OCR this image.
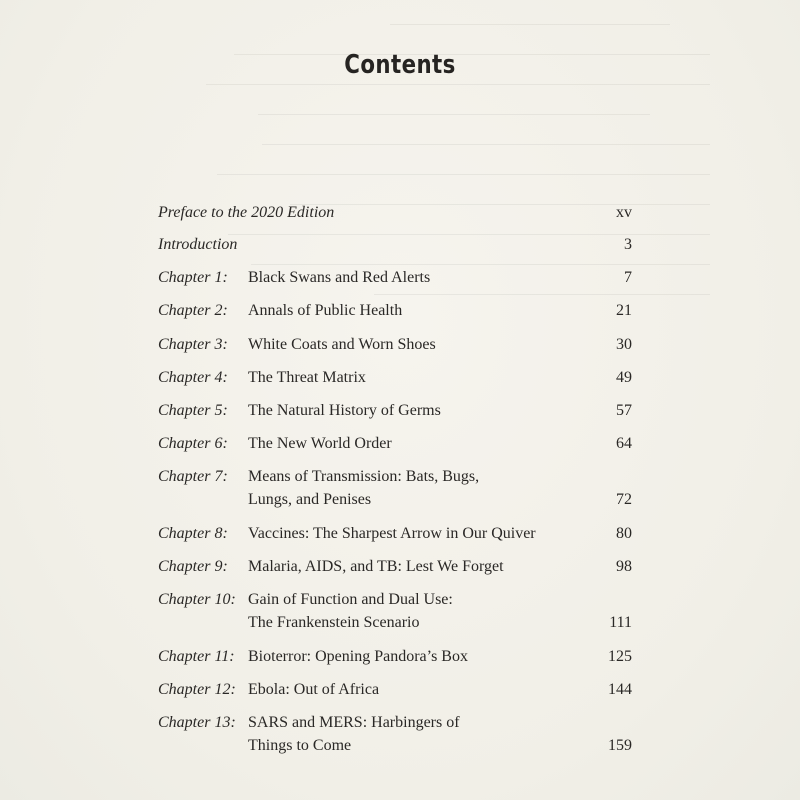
Contents
Preface to the 2020 Edition	xv
Introduction	3
Chapter 1: Black Swans and Red Alerts	7
Chapter 2: Annals of Public Health	21
Chapter 3: White Coats and Worn Shoes	30
Chapter 4: The Threat Matrix	49
Chapter 5: The Natural History of Germs	57
Chapter 6: The New World Order	64
Chapter 7: Means of Transmission: Bats, Bugs,
Lungs, and Penises	72
Chapter 8: Vaccines: The Sharpest Arrow in Our Quiver	80
Chapter 9: Malaria, AIDS, and TB: Lest We Forget	98
Chapter 10: Gain of Function and Dual Use:
The Frankenstein Scenario	111
Chapter 11: Bioterror: Opening Pandora’s Box	125
Chapter 12: Ebola: Out of Africa	144
Chapter 13: SARS and MERS: Harbingers of
Things to Come	159
